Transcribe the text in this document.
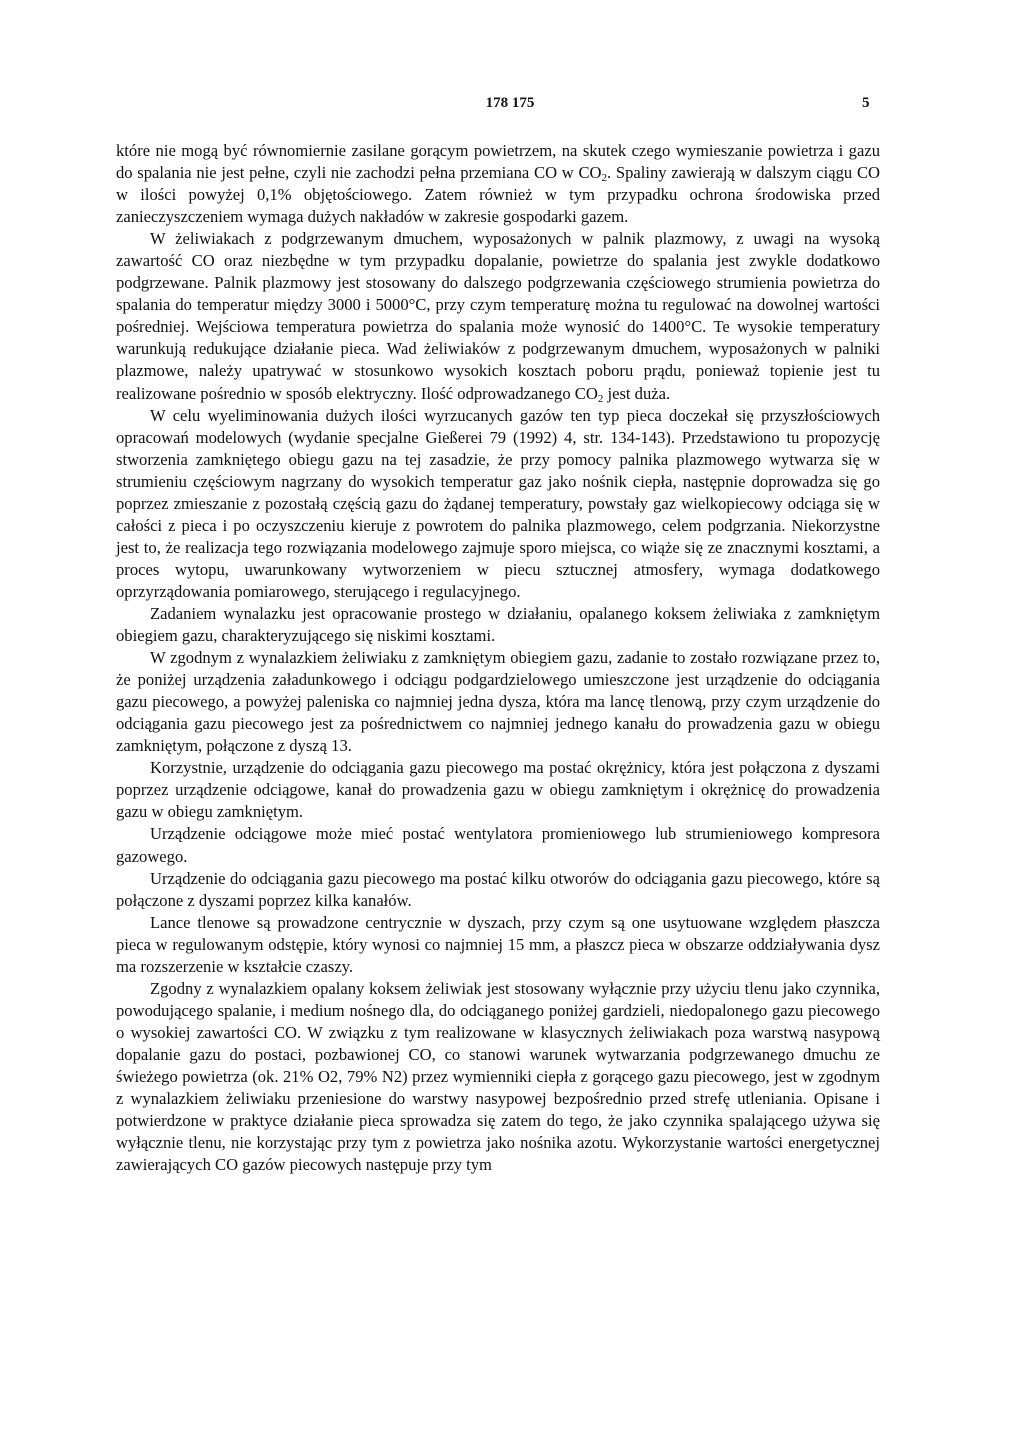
178 175	5

które nie mogą być równomiernie zasilane gorącym powietrzem, na skutek czego wymieszanie powietrza i gazu do spalania nie jest pełne, czyli nie zachodzi pełna przemiana CO w $CO_2$. Spaliny zawierają w dalszym ciągu CO w ilości powyżej 0,1% objętościowego. Zatem również w tym przypadku ochrona środowiska przed zanieczyszczeniem wymaga dużych nakładów w zakresie gospodarki gazem.

W żeliwiakach z podgrzewanym dmuchem, wyposażonych w palnik plazmowy, z uwagi na wysoką zawartość CO oraz niezbędne w tym przypadku dopalanie, powietrze do spalania jest zwykle dodatkowo podgrzewane. Palnik plazmowy jest stosowany do dalszego podgrzewania częściowego strumienia powietrza do spalania do temperatur między 3000 i 5000°C, przy czym temperaturę można tu regulować na dowolnej wartości pośredniej. Wejściowa temperatura powietrza do spalania może wynosić do 1400°C. Te wysokie temperatury warunkują redukujące działanie pieca. Wad żeliwiaków z podgrzewanym dmuchem, wyposażonych w palniki plazmowe, należy upatrywać w stosunkowo wysokich kosztach poboru prądu, ponieważ topienie jest tu realizowane pośrednio w sposób elektryczny. Ilość odprowadzanego $CO_2$ jest duża.

W celu wyeliminowania dużych ilości wyrzucanych gazów ten typ pieca doczekał się przyszłościowych opracowań modelowych (wydanie specjalne Gießerei 79 (1992) 4, str. 134-143). Przedstawiono tu propozycję stworzenia zamkniętego obiegu gazu na tej zasadzie, że przy pomocy palnika plazmowego wytwarza się w strumieniu częściowym nagrzany do wysokich temperatur gaz jako nośnik ciepła, następnie doprowadza się go poprzez zmieszanie z pozostałą częścią gazu do żądanej temperatury, powstały gaz wielkopiecowy odciąga się w całości z pieca i po oczyszczeniu kieruje z powrotem do palnika plazmowego, celem podgrzania. Niekorzystne jest to, że realizacja tego rozwiązania modelowego zajmuje sporo miejsca, co wiąże się ze znacznymi kosztami, a proces wytopu, uwarunkowany wytworzeniem w piecu sztucznej atmosfery, wymaga dodatkowego oprzyrządowania pomiarowego, sterującego i regulacyjnego.

Zadaniem wynalazku jest opracowanie prostego w działaniu, opalanego koksem żeliwiaka z zamkniętym obiegiem gazu, charakteryzującego się niskimi kosztami.

W zgodnym z wynalazkiem żeliwiaku z zamkniętym obiegiem gazu, zadanie to zostało rozwiązane przez to, że poniżej urządzenia załadunkowego i odciągu podgardzielowego umieszczone jest urządzenie do odciągania gazu piecowego, a powyżej paleniska co najmniej jedna dysza, która ma lancę tlenową, przy czym urządzenie do odciągania gazu piecowego jest za pośrednictwem co najmniej jednego kanału do prowadzenia gazu w obiegu zamkniętym, połączone z dyszą 13.

Korzystnie, urządzenie do odciągania gazu piecowego ma postać okrężnicy, która jest połączona z dyszami poprzez urządzenie odciągowe, kanał do prowadzenia gazu w obiegu zamkniętym i okrężnicę do prowadzenia gazu w obiegu zamkniętym.

Urządzenie odciągowe może mieć postać wentylatora promieniowego lub strumieniowego kompresora gazowego.

Urządzenie do odciągania gazu piecowego ma postać kilku otworów do odciągania gazu piecowego, które są połączone z dyszami poprzez kilka kanałów.

Lance tlenowe są prowadzone centrycznie w dyszach, przy czym są one usytuowane względem płaszcza pieca w regulowanym odstępie, który wynosi co najmniej 15 mm, a płaszcz pieca w obszarze oddziaływania dysz ma rozszerzenie w kształcie czaszy.

Zgodny z wynalazkiem opalany koksem żeliwiak jest stosowany wyłącznie przy użyciu tlenu jako czynnika, powodującego spalanie, i medium nośnego dla, do odciąganego poniżej gardzieli, niedopalonego gazu piecowego o wysokiej zawartości CO. W związku z tym realizowane w klasycznych żeliwiakach poza warstwą nasypową dopalanie gazu do postaci, pozbawionej CO, co stanowi warunek wytwarzania podgrzewanego dmuchu ze świeżego powietrza (ok. 21% O2, 79% N2) przez wymienniki ciepła z gorącego gazu piecowego, jest w zgodnym z wynalazkiem żeliwiaku przeniesione do warstwy nasypowej bezpośrednio przed strefę utleniania. Opisane i potwierdzone w praktyce działanie pieca sprowadza się zatem do tego, że jako czynnika spalającego używa się wyłącznie tlenu, nie korzystając przy tym z powietrza jako nośnika azotu. Wykorzystanie wartości energetycznej zawierających CO gazów piecowych następuje przy tym
